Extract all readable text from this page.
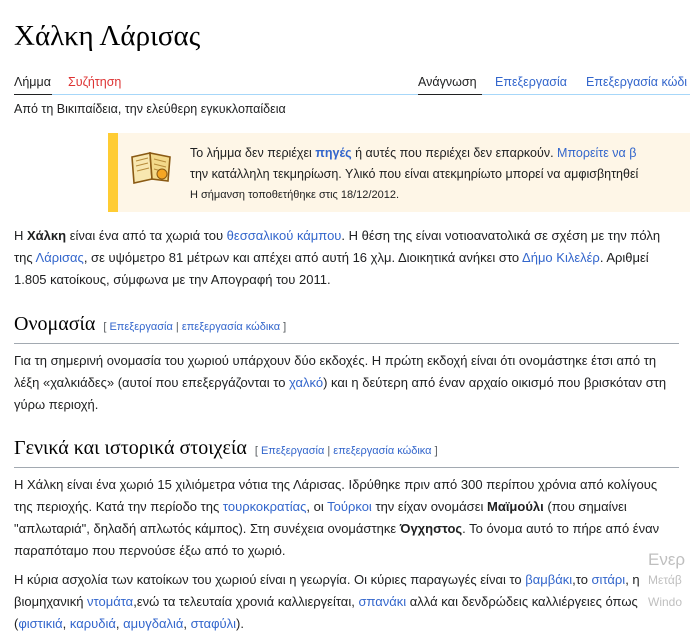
Χάλκη Λάρισας
Λήμμα Συζήτηση	Ανάγνωση Επεξεργασία Επεξεργασία κώδι
Από τη Βικιπαίδεια, την ελεύθερη εγκυκλοπαίδεια
Το λήμμα δεν περιέχει πηγές ή αυτές που περιέχει δεν επαρκούν. Μπορείτε να β
την κατάλληλη τεκμηρίωση. Υλικό που είναι ατεκμηρίωτο μπορεί να αμφισβητηθεί
Η σήμανση τοποθετήθηκε στις 18/12/2012.

Η Χάλκη είναι ένα από τα χωριά του θεσσαλικού κάμπου. Η θέση της είναι νοτιοανατολικά σε σχέση με την πόλη της Λάρισας, σε υψόμετρο 81 μέτρων και απέχει από αυτή 16 χλμ. Διοικητικά ανήκει στο Δήμο Κιλελέρ. Αριθμεί 1.805 κατοίκους, σύμφωνα με την Απογραφή του 2011.

Ονομασία [ Επεξεργασία | επεξεργασία κώδικα ]

Για τη σημερινή ονομασία του χωριού υπάρχουν δύο εκδοχές. Η πρώτη εκδοχή είναι ότι ονομάστηκε έτσι από τη λέξη «χαλκιάδες» (αυτοί που επεξεργάζονται το χαλκό) και η δεύτερη από έναν αρχαίο οικισμό που βρισκόταν στη γύρω περιοχή.

Γενικά και ιστορικά στοιχεία [ Επεξεργασία | επεξεργασία κώδικα ]

Η Χάλκη είναι ένα χωριό 15 χιλιόμετρα νότια της Λάρισας. Ιδρύθηκε πριν από 300 περίπου χρόνια από κολίγους της περιοχής. Κατά την περίοδο της τουρκοκρατίας, οι Τούρκοι την είχαν ονομάσει Μαϊμούλι (που σημαίνει "απλωταριά", δηλαδή απλωτός κάμπος). Στη συνέχεια ονομάστηκε Όγχηστος. Το όνομα αυτό το πήρε από έναν παραπόταμο που περνούσε έξω από το χωριό.

Η κύρια ασχολία των κατοίκων του χωριού είναι η γεωργία. Οι κύριες παραγωγές είναι το βαμβάκι,το σιτάρι, η βιομηχανική ντομάτα,ενώ τα τελευταία χρονιά καλλιεργείται, σπανάκι αλλά και δενδρώδεις καλλιέργειες όπως (φιστικιά, καρυδιά, αμυγδαλιά, σταφύλι).

Ενερ
Μετάβ
Windo
